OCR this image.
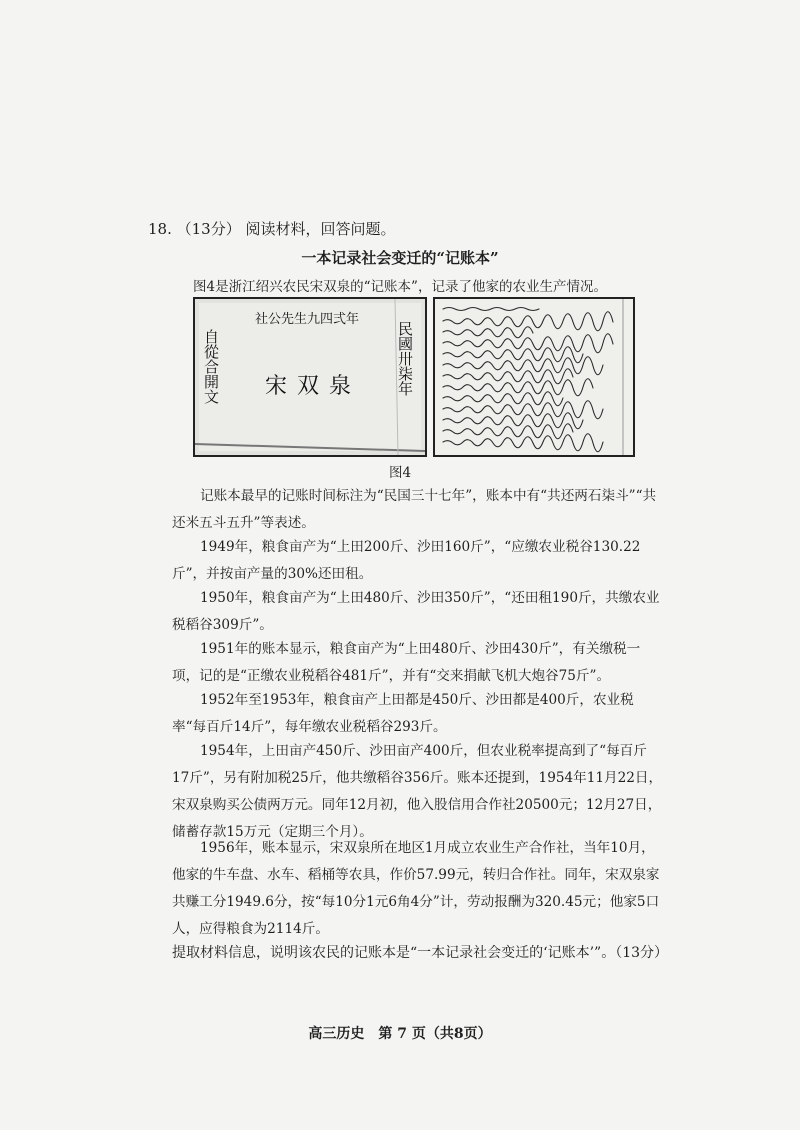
18. （13分） 阅读材料，回答问题。
一本记录社会变迁的“记账本”
图4是浙江绍兴农民宋双泉的“记账本”，记录了他家的农业生产情况。
社公先生九四弍年
自從合開文	民國卅柒年
宋双泉
图4
记账本最早的记账时间标注为“民国三十七年”，账本中有“共还两石柒斗”“共还米五斗五升”等表述。
1949年，粮食亩产为“上田200斤、沙田160斤”，“应缴农业税谷130.22斤”，并按亩产量的30%还田租。
1950年，粮食亩产为“上田480斤、沙田350斤”，“还田租190斤，共缴农业税稻谷309斤”。
1951年的账本显示，粮食亩产为“上田480斤、沙田430斤”，有关缴税一项，记的是“正缴农业税稻谷481斤”，并有“交来捐献飞机大炮谷75斤”。
1952年至1953年，粮食亩产上田都是450斤、沙田都是400斤，农业税率“每百斤14斤”，每年缴农业税稻谷293斤。
1954年，上田亩产450斤、沙田亩产400斤，但农业税率提高到了“每百斤17斤”，另有附加税25斤，他共缴稻谷356斤。账本还提到，1954年11月22日，宋双泉购买公债两万元。同年12月初，他入股信用合作社20500元；12月27日，储蓄存款15万元（定期三个月）。
1956年，账本显示，宋双泉所在地区1月成立农业生产合作社，当年10月，他家的牛车盘、水车、稻桶等农具，作价57.99元，转归合作社。同年，宋双泉家共赚工分1949.6分，按“每10分1元6角4分”计，劳动报酬为320.45元；他家5口人，应得粮食为2114斤。
提取材料信息，说明该农民的记账本是“一本记录社会变迁的‘记账本’”。（13分）
高三历史　第 7 页（共8页）
